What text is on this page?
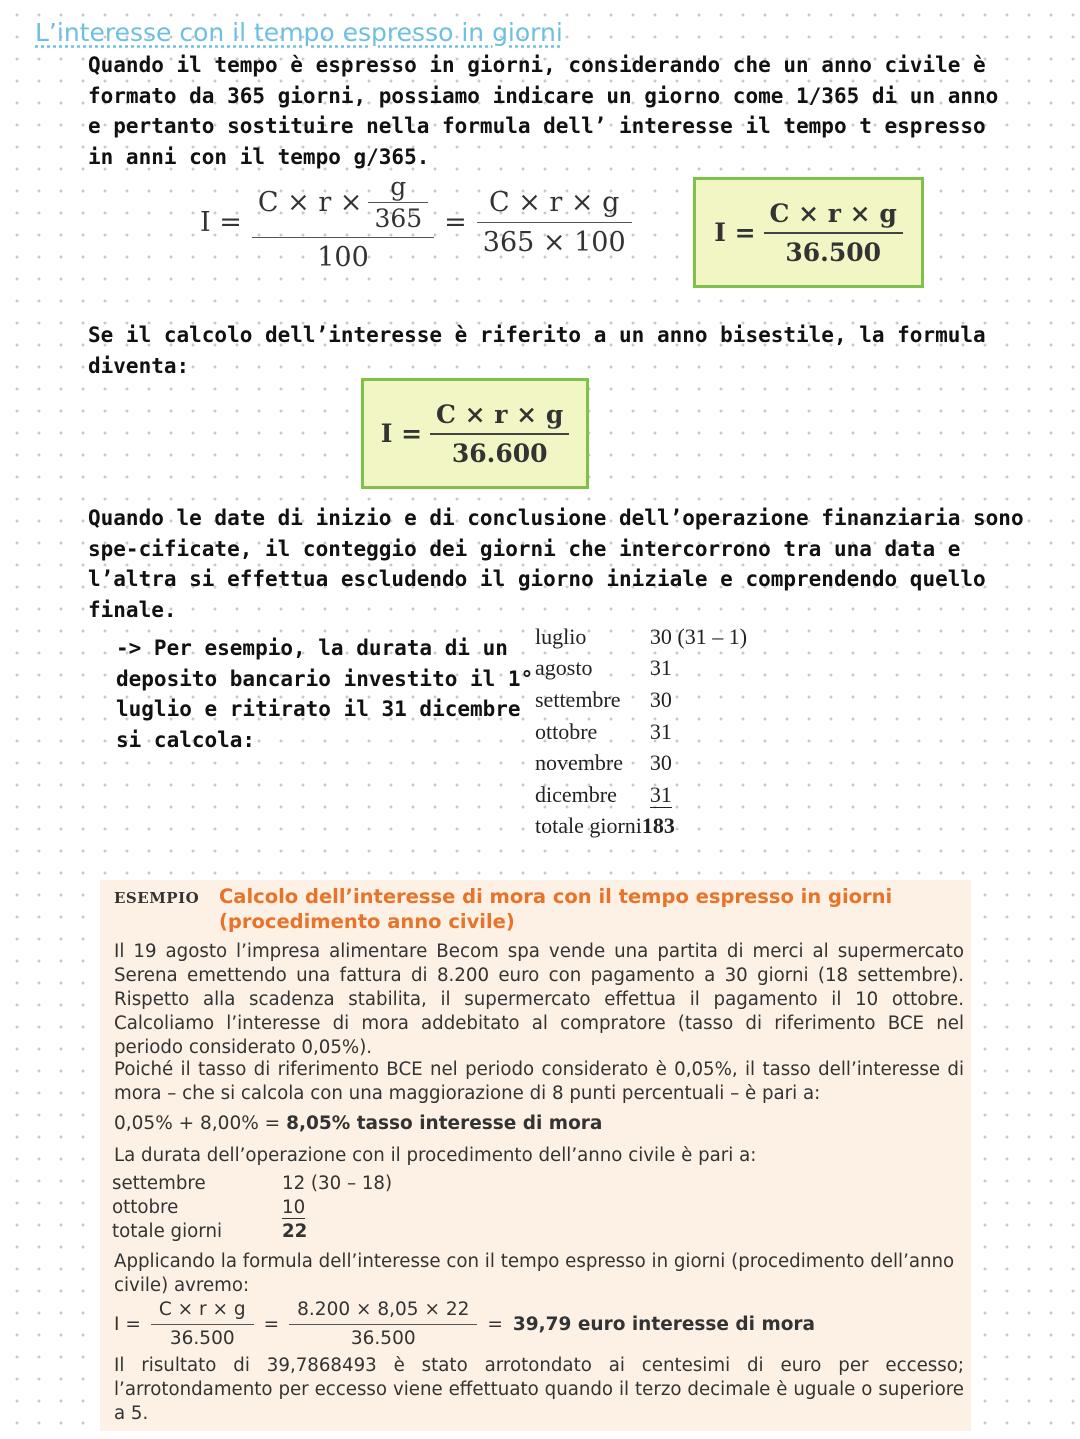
L’interesse con il tempo espresso in giorni
Quando il tempo è espresso in giorni, considerando che un anno civile è formato da 365 giorni, possiamo indicare un giorno come 1/365 di un anno e pertanto sostituire nella formula dell’ interesse il tempo t espresso in anni con il tempo g/365.
$I = \frac{C \times r \times \frac{g}{365}}{100} = \frac{C \times r \times g}{365 \times 100}$	$I = \frac{C \times r \times g}{36.500}$
Se il calcolo dell’interesse è riferito a un anno bisestile, la formula diventa:
$I = \frac{C \times r \times g}{36.600}$
Quando le date di inizio e di conclusione dell’operazione finanziaria sono spe-cificate, il conteggio dei giorni che intercorrono tra una data e l’altra si effettua escludendo il giorno iniziale e comprendendo quello finale.
-> Per esempio, la durata di un deposito bancario investito il 1° luglio e ritirato il 31 dicembre si calcola:
luglio	30 (31 – 1)
agosto	31
settembre	30
ottobre	31
novembre	30
dicembre	31
totale giorni	183
ESEMPIO Calcolo dell’interesse di mora con il tempo espresso in giorni (procedimento anno civile)
Il 19 agosto l’impresa alimentare Becom spa vende una partita di merci al supermercato Serena emettendo una fattura di 8.200 euro con pagamento a 30 giorni (18 settembre). Rispetto alla scadenza stabilita, il supermercato effettua il pagamento il 10 ottobre. Calcoliamo l’interesse di mora addebitato al compratore (tasso di riferimento BCE nel periodo considerato 0,05%).
Poiché il tasso di riferimento BCE nel periodo considerato è 0,05%, il tasso dell’interesse di mora – che si calcola con una maggiorazione di 8 punti percentuali – è pari a:
0,05% + 8,00% = 8,05% tasso interesse di mora
La durata dell’operazione con il procedimento dell’anno civile è pari a:
settembre	12 (30 – 18)
ottobre	10
totale giorni	22
Applicando la formula dell’interesse con il tempo espresso in giorni (procedimento dell’anno civile) avremo:
$I = \frac{C \times r \times g}{36.500} = \frac{8.200 \times 8,05 \times 22}{36.500} = 39,79$ euro interesse di mora
Il risultato di 39,7868493 è stato arrotondato ai centesimi di euro per eccesso; l’arrotondamento per eccesso viene effettuato quando il terzo decimale è uguale o superiore a 5.
